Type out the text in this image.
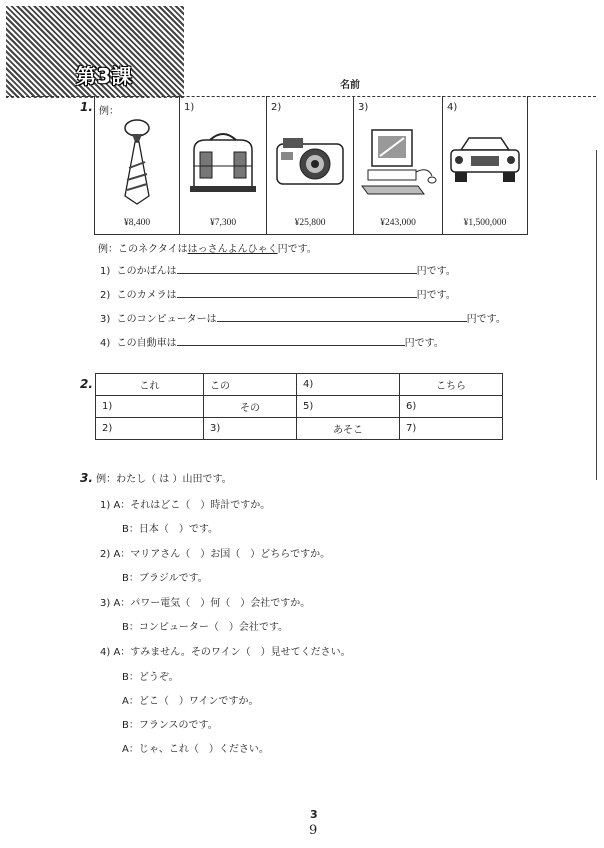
第3課	名前
1. 例：
¥8,400
1)
¥7,300
2)
¥25,800
3)
¥243,000
4)
¥1,500,000
例：このネクタイははっさんよんひゃく円です。
1) このかばんは	円です。
2) このカメラは	円です。
3) このコンピューターは	円です。
4) この自動車は	円です。
2.	これ	この	4)	こちら
1)	その	5)	6)
2)	3)	あそこ	7)
3. 例：わたし（ は ）山田です。
1) A：それはどこ（　）時計ですか。
B：日本（　）です。
2) A：マリアさん（　）お国（　）どちらですか。
B：ブラジルです。
3) A：パワー電気（　）何（　）会社ですか。
B：コンピューター（　）会社です。
4) A：すみません。そのワイン（　）見せてください。
B：どうぞ。
A：どこ（　）ワインですか。
B：フランスのです。
A：じゃ、これ（　）ください。
3
9
